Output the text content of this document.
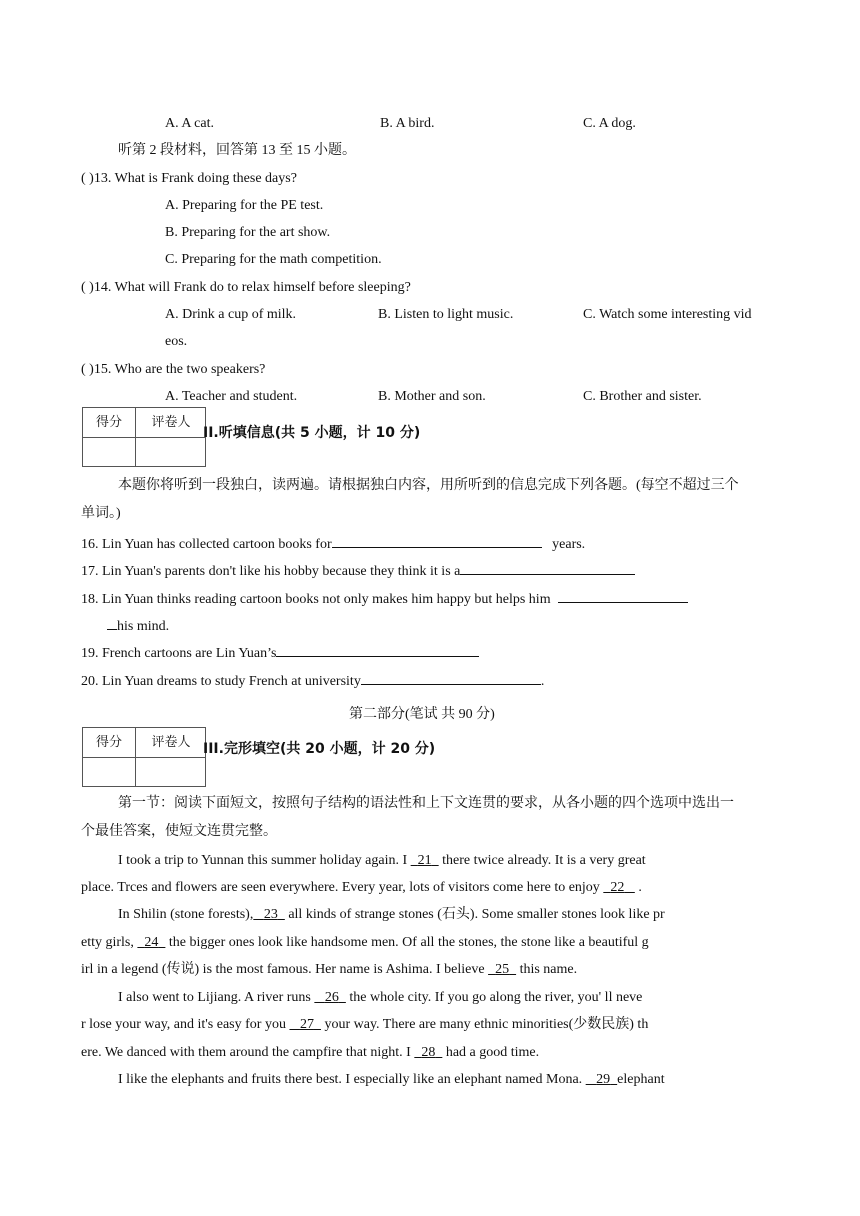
A. A cat.	B. A bird.	C. A dog.
听第 2 段材料，回答第 13 至 15 小题。
( )13. What is Frank doing these days?
A. Preparing for the PE test.
B. Preparing for the art show.
C. Preparing for the math competition.
( )14. What will Frank do to relax himself before sleeping?
A. Drink a cup of milk.	B. Listen to light music.	C. Watch some interesting vid
eos.
( )15. Who are the two speakers?
A. Teacher and student.	B. Mother and son.	C. Brother and sister.
得分	评卷人
II.听填信息(共 5 小题，计 10 分)
本题你将听到一段独白，读两遍。请根据独白内容，用所听到的信息完成下列各题。(每空不超过三个
单词。)
16. Lin Yuan has collected cartoon books for	years.
17. Lin Yuan's parents don't like his hobby because they think it is a
18. Lin Yuan thinks reading cartoon books not only makes him happy but helps him
his mind.
19. French cartoons are Lin Yuan’s
20. Lin Yuan dreams to study French at university	.
第二部分(笔试 共 90 分)
得分	评卷人 III.完形填空(共 20 小题，计 20 分)
第一节：阅读下面短文，按照句子结构的语法性和上下文连贯的要求，从各小题的四个选项中选出一
个最佳答案，使短文连贯完整。
I took a trip to Yunnan this summer holiday again. I   21   there twice already. It is a very great
place. Trces and flowers are seen everywhere. Every year, lots of visitors come here to enjoy   22    .
In Shilin (stone forests), 23   all kinds of strange stones (石头). Some smaller stones look like pr
etty girls,   24   the bigger ones look like handsome men. Of all the stones, the stone like a beautiful g
irl in a legend (传说) is the most famous. Her name is Ashima. I believe   25   this name.
I also went to Lijiang. A river runs    26   the whole city. If you go along the river, you' ll neve
r lose your way, and it's easy for you    27   your way. There are many ethnic minorities(少数民族) th
ere. We danced with them around the campfire that night. I   28   had a good time.
I like the elephants and fruits there best. I especially like an elephant named Mona.    29 elephant
